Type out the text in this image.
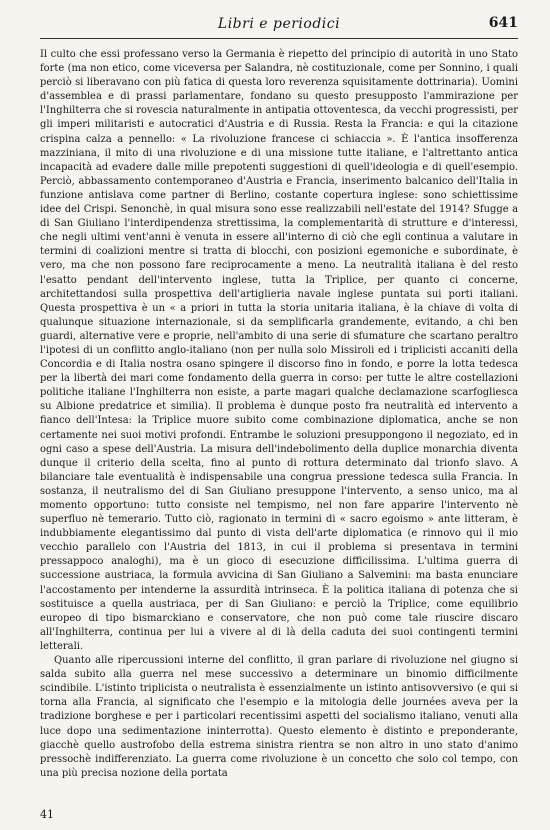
Libri e periodici	641

Il culto che essi professano verso la Germania è riepetto del principio di autorità in uno Stato forte (ma non etico, come viceversa per Salandra, nè costituzionale, come per Sonnino, i quali perciò si liberavano con più fatica di questa loro reverenza squisitamente dottrinaria). Uomini d'assemblea e di prassi parlamentare, fondano su questo presupposto l'ammirazione per l'Inghilterra che si rovescia naturalmente in antipatia ottoventesca, da vecchi progressisti, per gli imperi militaristi e autocratici d'Austria e di Russia. Resta la Francia: e qui la citazione crispina calza a pennello: « La rivoluzione francese ci schiaccia ». È l'antica insofferenza mazziniana, il mito di una rivoluzione e di una missione tutte italiane, e l'altrettanto antica incapacità ad evadere dalle mille prepotenti suggestioni di quell'ideologia e di quell'esempio. Perciò, abbassamento contemporaneo d'Austria e Francia, inserimento balcanico dell'Italia in funzione antislava come partner di Berlino, costante copertura inglese: sono schiettissime idee del Crispi. Senonchè, in qual misura sono esse realizzabili nell'estate del 1914? Sfugge a di San Giuliano l'interdipendenza strettissima, la complementarità di strutture e d'interessi, che negli ultimi vent'anni è venuta in essere all'interno di ciò che egli continua a valutare in termini di coalizioni mentre si tratta di blocchi, con posizioni egemoniche e subordinate, è vero, ma che non possono fare reciprocamente a meno. La neutralità italiana è del resto l'esatto pendant dell'intervento inglese, tutta la Triplice, per quanto ci concerne, architettandosi sulla prospettiva dell'artiglieria navale inglese puntata sui porti italiani. Questa prospettiva è un « a priori in tutta la storia unitaria italiana, è la chiave di volta di qualunque situazione internazionale, si da semplificarla grandemente, evitando, a chi ben guardi, alternative vere e proprie, nell'ambito di una serie di sfumature che scartano peraltro l'ipotesi di un conflitto anglo-italiano (non per nulla solo Missiroli ed i triplicisti accaniti della Concordia e di Italia nostra osano spingere il discorso fino in fondo, e porre la lotta tedesca per la libertà dei mari come fondamento della guerra in corso: per tutte le altre costellazioni politiche italiane l'Inghilterra non esiste, a parte magari qualche declamazione scarfogliesca su Albione predatrice et similia). Il problema è dunque posto fra neutralità ed intervento a fianco dell'Intesa: la Triplice muore subito come combinazione diplomatica, anche se non certamente nei suoi motivi profondi. Entrambe le soluzioni presuppongono il negoziato, ed in ogni caso a spese dell'Austria. La misura dell'indebolimento della duplice monarchia diventa dunque il criterio della scelta, fino al punto di rottura determinato dal trionfo slavo. A bilanciare tale eventualità è indispensabile una congrua pressione tedesca sulla Francia. In sostanza, il neutralismo del di San Giuliano presuppone l'intervento, a senso unico, ma al momento opportuno: tutto consiste nel tempismo, nel non fare apparire l'intervento nè superfluo nè temerario. Tutto ciò, ragionato in termini di « sacro egoismo » ante litteram, è indubbiamente elegantissimo dal punto di vista dell'arte diplomatica (e rinnovo qui il mio vecchio parallelo con l'Austria del 1813, in cui il problema si presentava in termini pressappoco analoghi), ma è un gioco di esecuzione difficilissima. L'ultima guerra di successione austriaca, la formula avvicina di San Giuliano a Salvemini: ma basta enunciare l'accostamento per intenderne la assurdità intrinseca. È la politica italiana di potenza che si sostituisce a quella austriaca, per di San Giuliano: e perciò la Triplice, come equilibrio europeo di tipo bismarckiano e conservatore, che non può come tale riuscire discaro all'Inghilterra, continua per lui a vivere al di là della caduta dei suoi contingenti termini letterali.

Quanto alle ripercussioni interne del conflitto, il gran parlare di rivoluzione nel giugno si salda subito alla guerra nel mese successivo a determinare un binomio difficilmente scindibile. L'istinto triplicista o neutralista è essenzialmente un istinto antisovversivo (e qui si torna alla Francia, al significato che l'esempio e la mitologia delle journées aveva per la tradizione borghese e per i particolari recentissimi aspetti del socialismo italiano, venuti alla luce dopo una sedimentazione ininterrotta). Questo elemento è distinto e preponderante, giacchè quello austrofobo della estrema sinistra rientra se non altro in uno stato d'animo pressochè indifferenziato. La guerra come rivoluzione è un concetto che solo col tempo, con una più precisa nozione della portata

41
